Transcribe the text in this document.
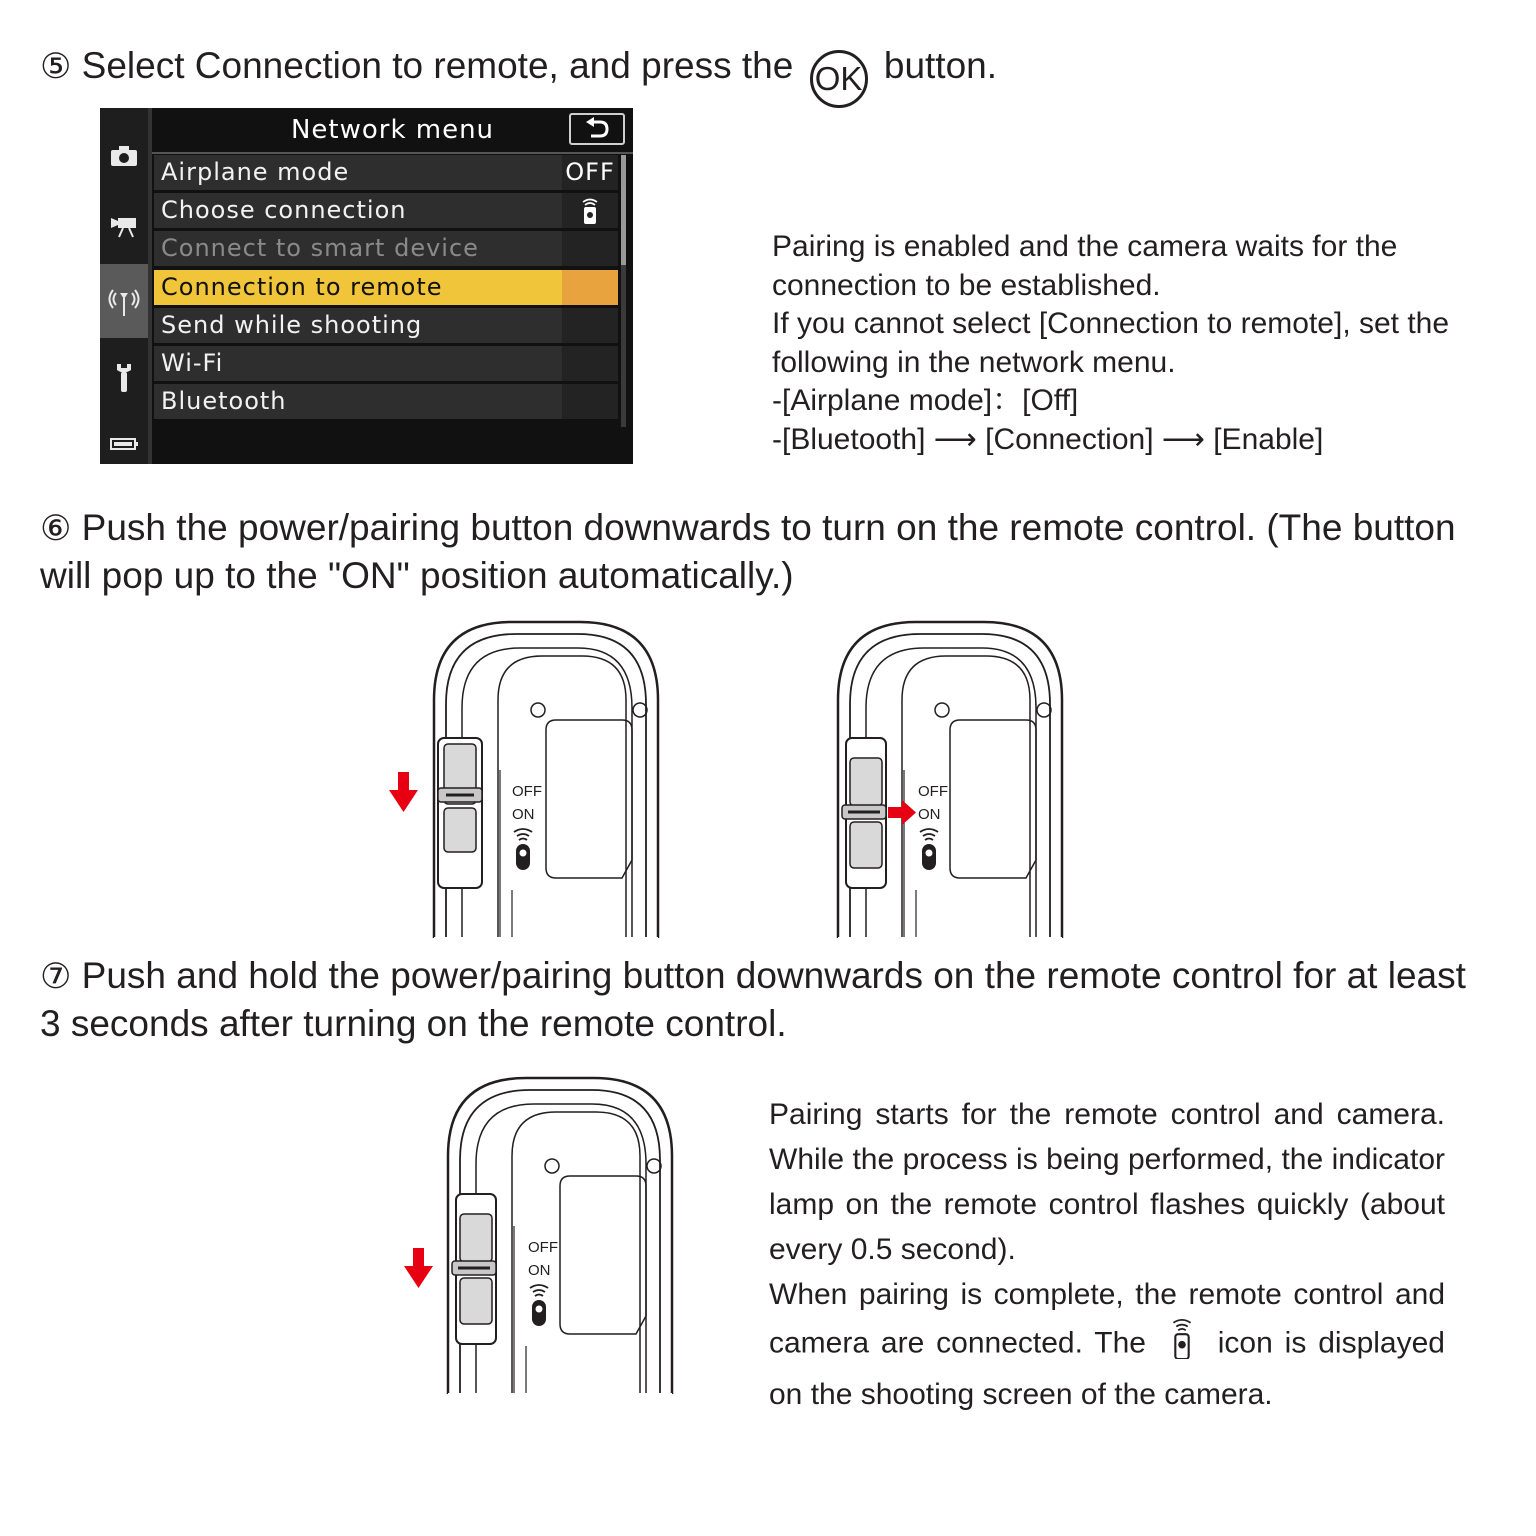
⑤ Select Connection to remote, and press the OK button.
Network menu
Airplane mode	OFF
Choose connection
Connect to smart device
Connection to remote
Send while shooting
Wi-Fi
Bluetooth

Pairing is enabled and the camera waits for the connection to be established.

If you cannot select [Connection to remote], set the following in the network menu.

-[Airplane mode]：[Off]

-[Bluetooth] ⟶ [Connection] ⟶ [Enable]

⑥ Push the power/pairing button downwards to turn on the remote control. (The button will pop up to the "ON" position automatically.)
OFF
ON
OFF
ON
⑦ Push and hold the power/pairing button downwards on the remote control for at least 3 seconds after turning on the remote control.
OFF
ON

Pairing starts for the remote control and camera. While the process is being performed, the indicator lamp on the remote control flashes quickly (about every 0.5 second).

When pairing is complete, the remote control and camera are connected. The icon is displayed on the shooting screen of the camera.
